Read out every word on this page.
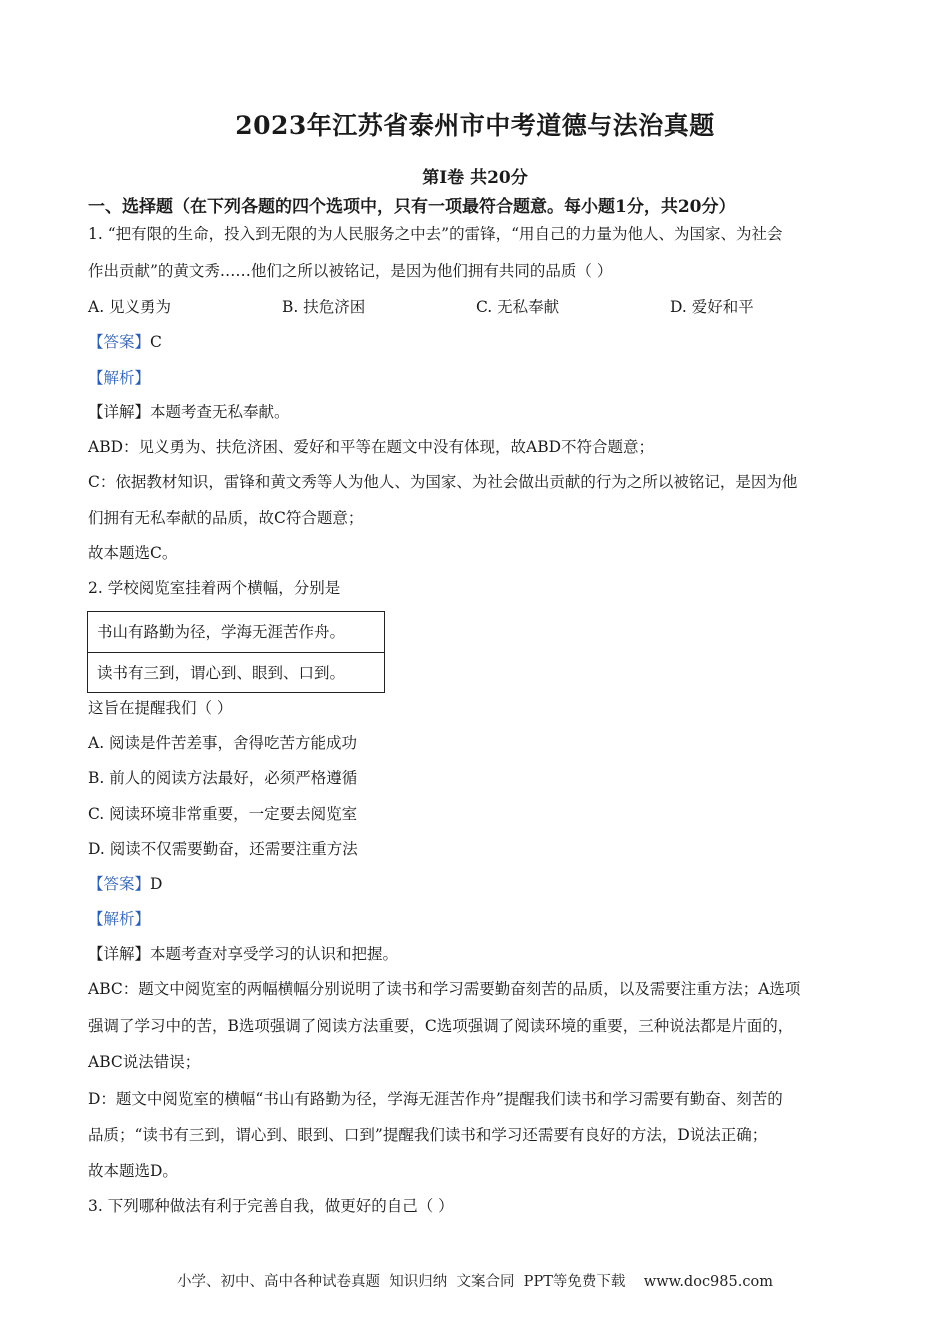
2023年江苏省泰州市中考道德与法治真题
第Ⅰ卷 共20分
一、选择题（在下列各题的四个选项中，只有一项最符合题意。每小题1分，共20分）
1. “把有限的生命，投入到无限的为人民服务之中去”的雷锋，“用自己的力量为他人、为国家、为社会
作出贡献”的黄文秀……他们之所以被铭记，是因为他们拥有共同的品质（ ）
A. 见义勇为	B. 扶危济困	C. 无私奉献	D. 爱好和平
【答案】C
【解析】
【详解】本题考查无私奉献。
ABD：见义勇为、扶危济困、爱好和平等在题文中没有体现，故ABD不符合题意；
C：依据教材知识，雷锋和黄文秀等人为他人、为国家、为社会做出贡献的行为之所以被铭记，是因为他
们拥有无私奉献的品质，故C符合题意；
故本题选C。
2. 学校阅览室挂着两个横幅，分别是
书山有路勤为径，学海无涯苦作舟。
读书有三到，谓心到、眼到、口到。
这旨在提醒我们（ ）
A. 阅读是件苦差事，舍得吃苦方能成功
B. 前人的阅读方法最好，必须严格遵循
C. 阅读环境非常重要，一定要去阅览室
D. 阅读不仅需要勤奋，还需要注重方法
【答案】D
【解析】
【详解】本题考查对享受学习的认识和把握。
ABC：题文中阅览室的两幅横幅分别说明了读书和学习需要勤奋刻苦的品质，以及需要注重方法；A选项
强调了学习中的苦，B选项强调了阅读方法重要，C选项强调了阅读环境的重要，三种说法都是片面的，
ABC说法错误；
D：题文中阅览室的横幅“书山有路勤为径，学海无涯苦作舟”提醒我们读书和学习需要有勤奋、刻苦的
品质；“读书有三到，谓心到、眼到、口到”提醒我们读书和学习还需要有良好的方法，D说法正确；
故本题选D。
3. 下列哪种做法有利于完善自我，做更好的自己（ ）
小学、初中、高中各种试卷真题  知识归纳  文案合同  PPT等免费下载    www.doc985.com
